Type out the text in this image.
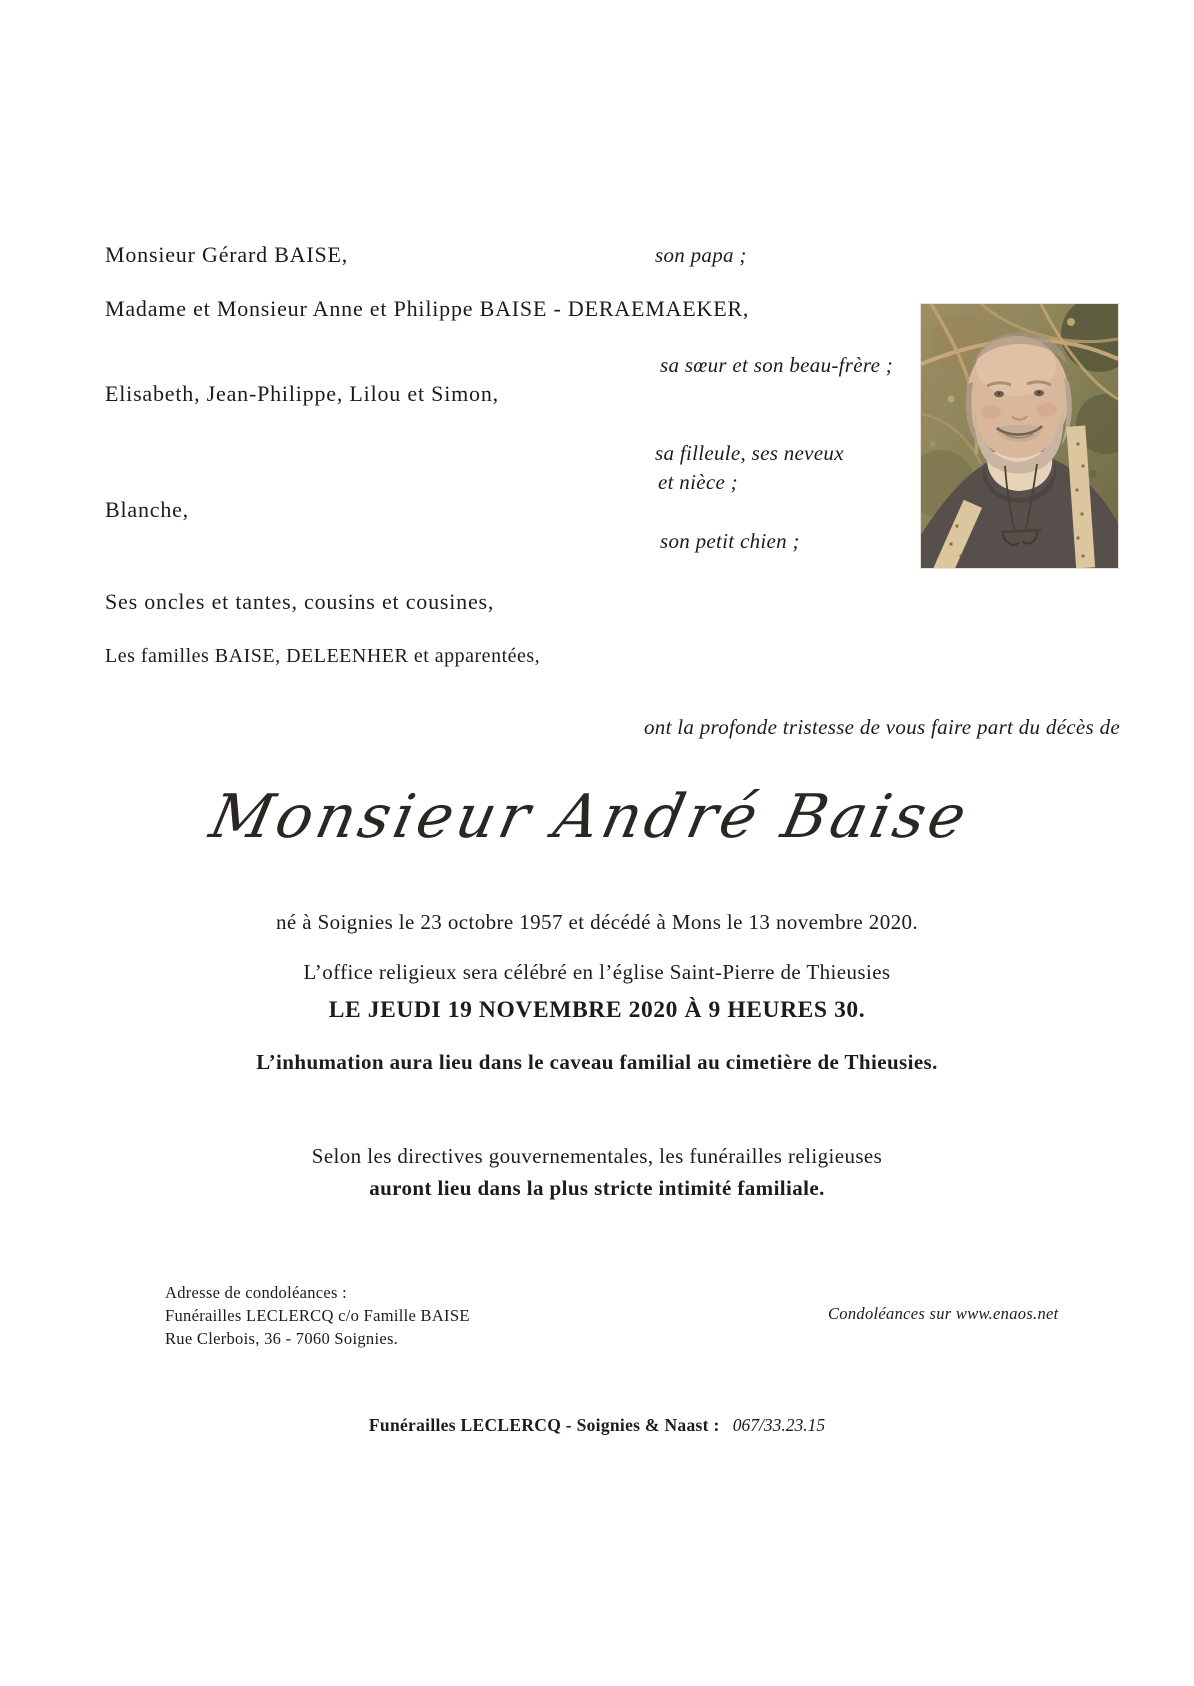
Monsieur Gérard BAISE,
Madame et Monsieur Anne et Philippe BAISE - DERAEMAEKER,
Elisabeth, Jean-Philippe, Lilou et Simon,
Blanche,
Ses oncles et tantes, cousins et cousines,
Les familles BAISE, DELEENHER et apparentées,
son papa ;
sa sœur et son beau-frère ;
sa filleule, ses neveux
et nièce ;
son petit chien ;
ont la profonde tristesse de vous faire part du décès de
Monsieur André Baise
né à Soignies le 23 octobre 1957 et décédé à Mons le 13 novembre 2020.
L’office religieux sera célébré en l’église Saint-Pierre de Thieusies
LE JEUDI 19 NOVEMBRE 2020 À 9 HEURES 30.
L’inhumation aura lieu dans le caveau familial au cimetière de Thieusies.
Selon les directives gouvernementales, les funérailles religieuses
auront lieu dans la plus stricte intimité familiale.
Adresse de condoléances :
Funérailles LECLERCQ c/o Famille BAISE
Rue Clerbois, 36 - 7060 Soignies.
Condoléances sur www.enaos.net
Funérailles LECLERCQ - Soignies & Naast : 067/33.23.15
